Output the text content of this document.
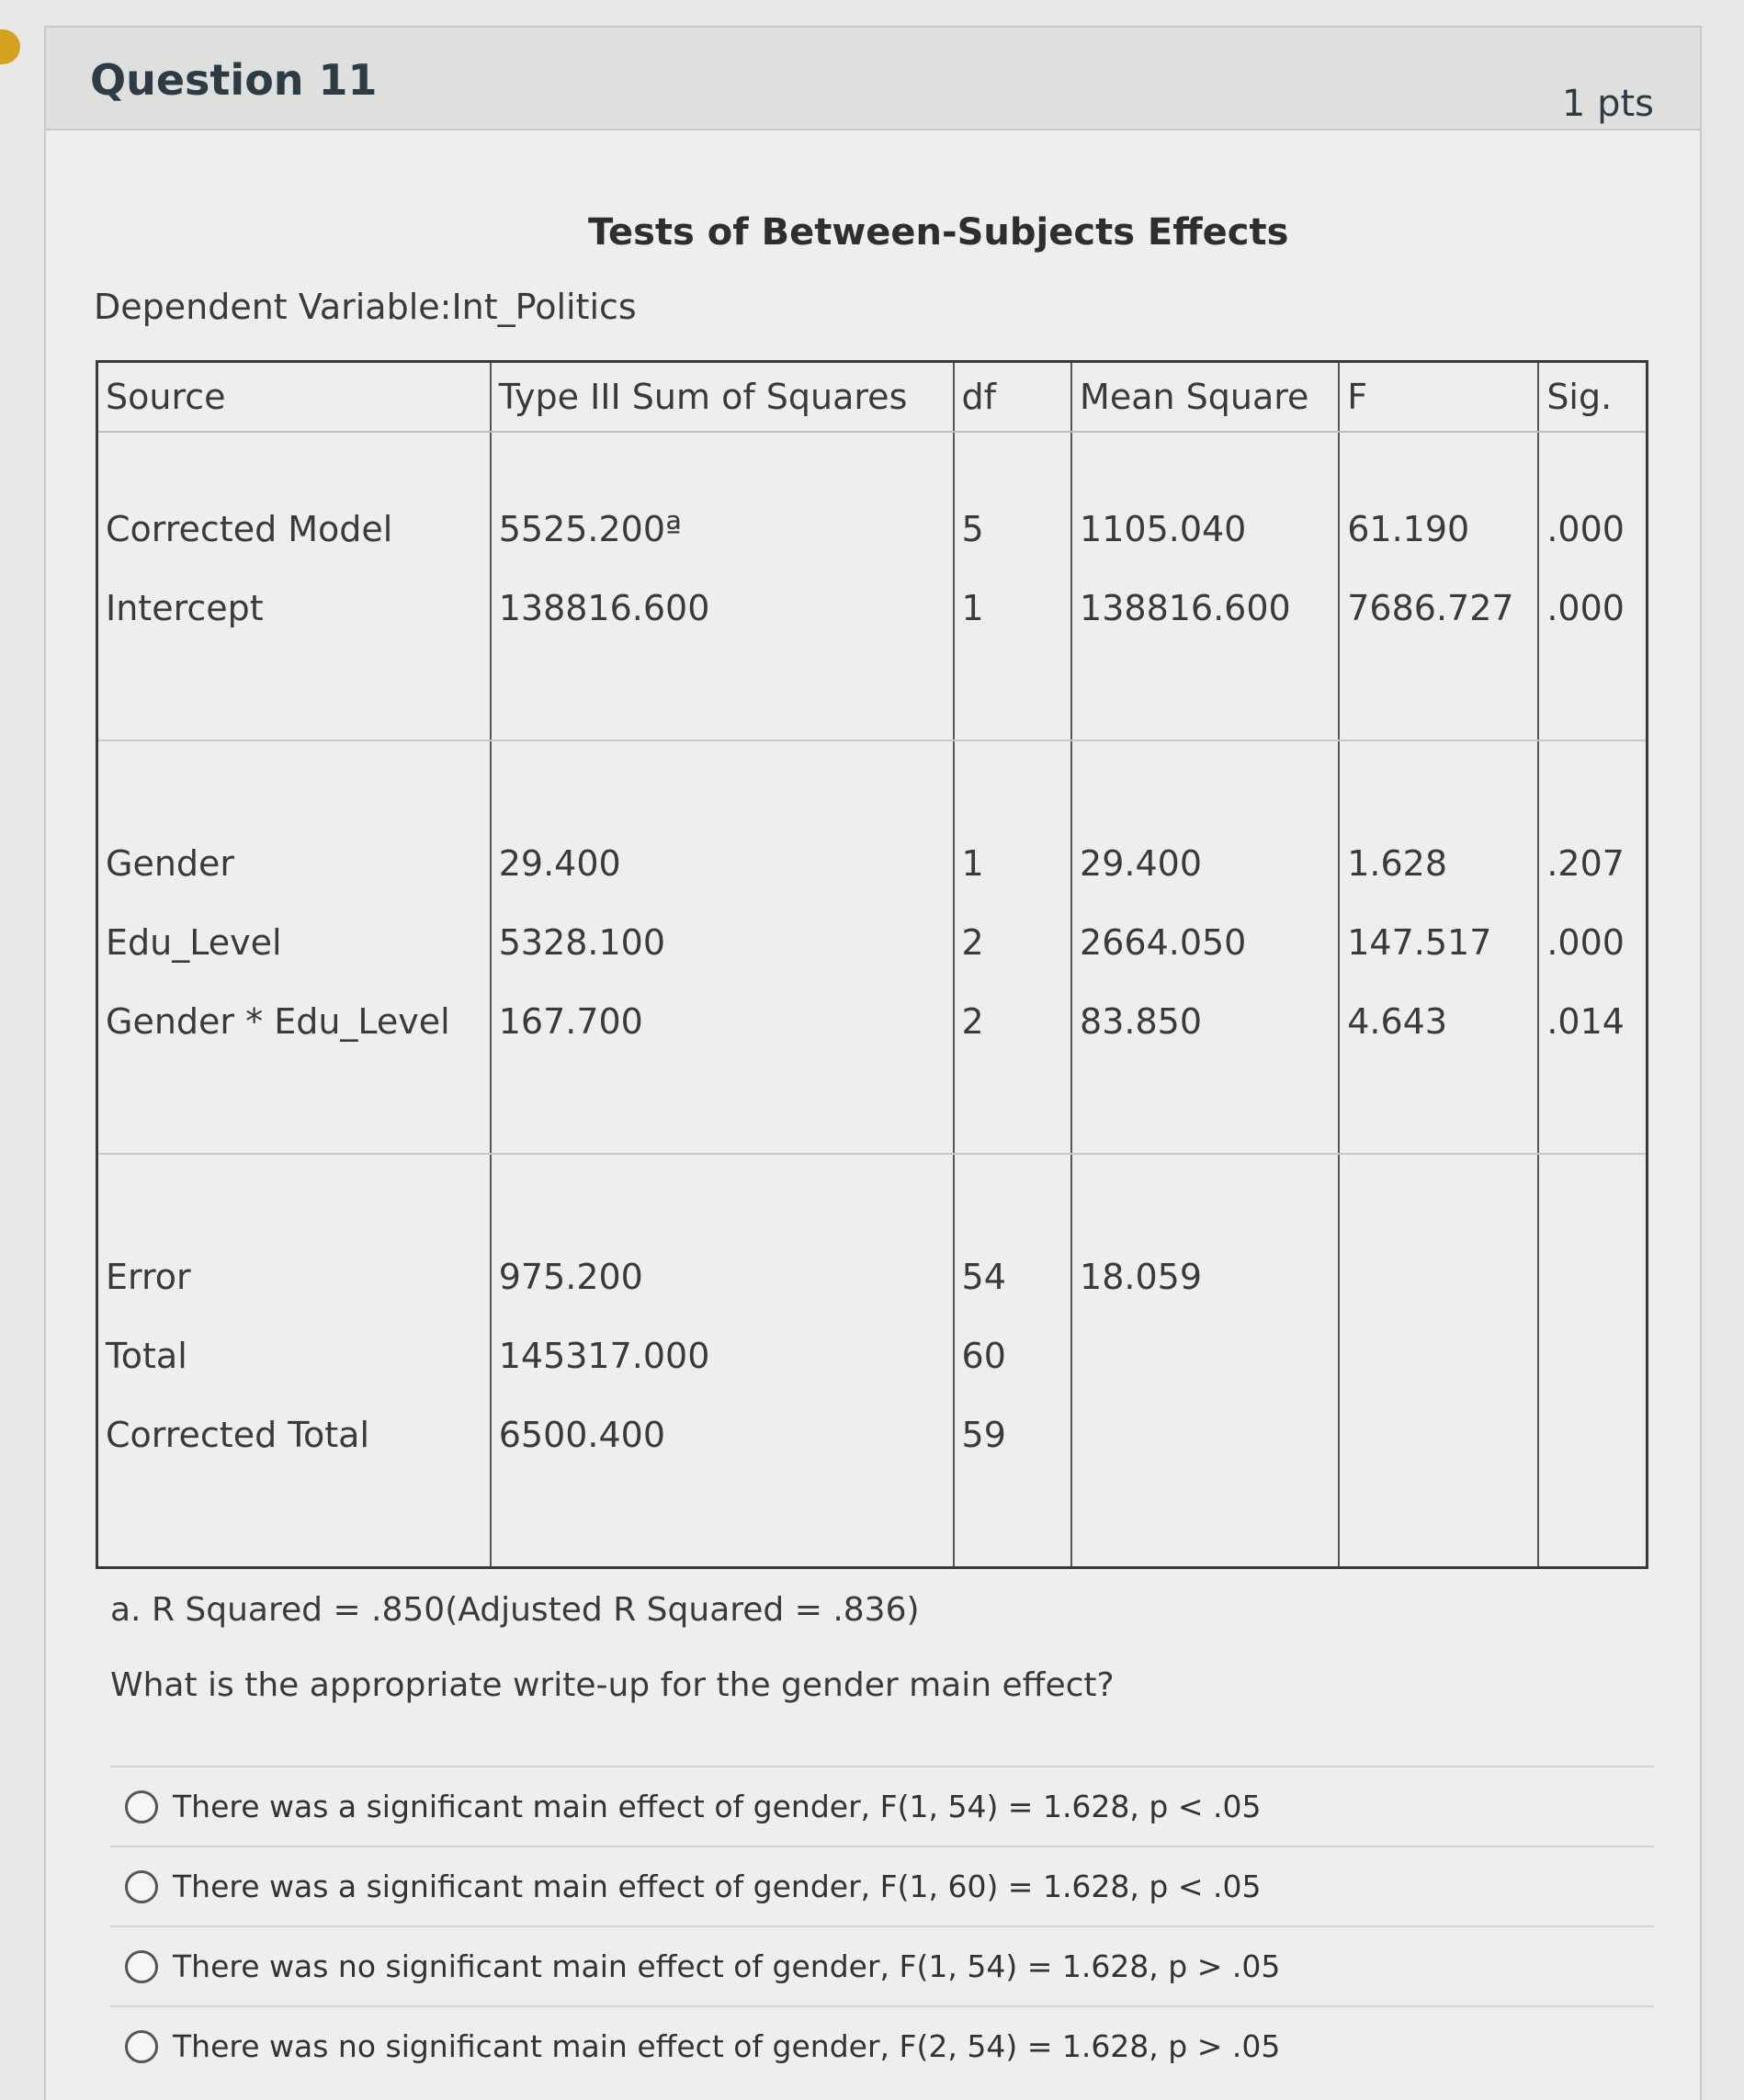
Question 11	1 pts
Tests of Between-Subjects Effects
Dependent Variable:Int_Politics
Source	Type III Sum of Squares	df	Mean Square	F	Sig.

Corrected Model	5525.200ª	5	1105.040	61.190	.000
Intercept	138816.600	1	138816.600	7686.727	.000

Gender	29.400	1	29.400	1.628	.207
Edu_Level	5328.100	2	2664.050	147.517	.000
Gender * Edu_Level	167.700	2	83.850	4.643	.014

Error	975.200	54	18.059		
Total	145317.000	60			
Corrected Total	6500.400	59			

a. R Squared = .850(Adjusted R Squared = .836)
What is the appropriate write-up for the gender main effect?
There was a significant main effect of gender, F(1, 54) = 1.628, p < .05
There was a significant main effect of gender, F(1, 60) = 1.628, p < .05
There was no significant main effect of gender, F(1, 54) = 1.628, p > .05
There was no significant main effect of gender, F(2, 54) = 1.628, p > .05
